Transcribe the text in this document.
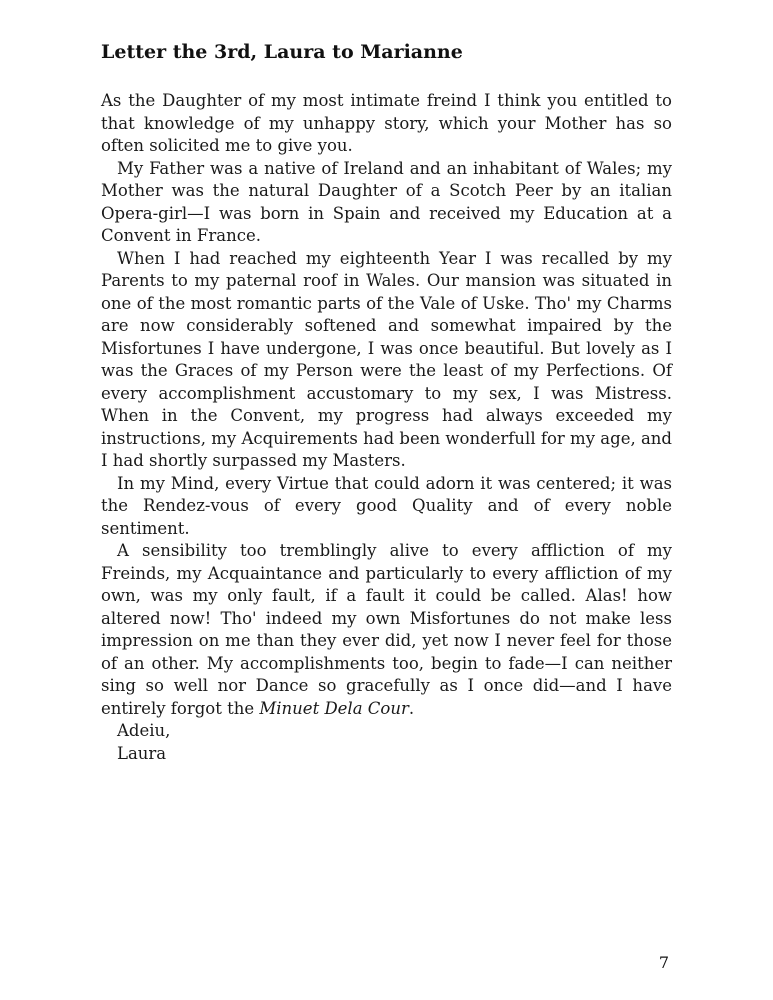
Letter the 3rd, Laura to Marianne

As the Daughter of my most intimate freind I think you entitled to that knowledge of my unhappy story, which your Mother has so often solicited me to give you.

My Father was a native of Ireland and an inhabitant of Wales; my Mother was the natural Daughter of a Scotch Peer by an italian Opera-girl—I was born in Spain and received my Education at a Convent in France.

When I had reached my eighteenth Year I was recalled by my Parents to my paternal roof in Wales. Our mansion was situated in one of the most romantic parts of the Vale of Uske. Tho' my Charms are now considerably softened and somewhat impaired by the Misfortunes I have undergone, I was once beautiful. But lovely as I was the Graces of my Person were the least of my Perfections. Of every accomplishment accustomary to my sex, I was Mistress. When in the Convent, my progress had always exceeded my instructions, my Acquirements had been wonderfull for my age, and I had shortly surpassed my Masters.

In my Mind, every Virtue that could adorn it was centered; it was the Rendez-vous of every good Quality and of every noble sentiment.

A sensibility too tremblingly alive to every affliction of my Freinds, my Acquaintance and particularly to every affliction of my own, was my only fault, if a fault it could be called. Alas! how altered now! Tho' indeed my own Misfortunes do not make less impression on me than they ever did, yet now I never feel for those of an other. My accomplishments too, begin to fade—I can neither sing so well nor Dance so gracefully as I once did—and I have entirely forgot the Minuet Dela Cour.

Adeiu,

Laura

7
